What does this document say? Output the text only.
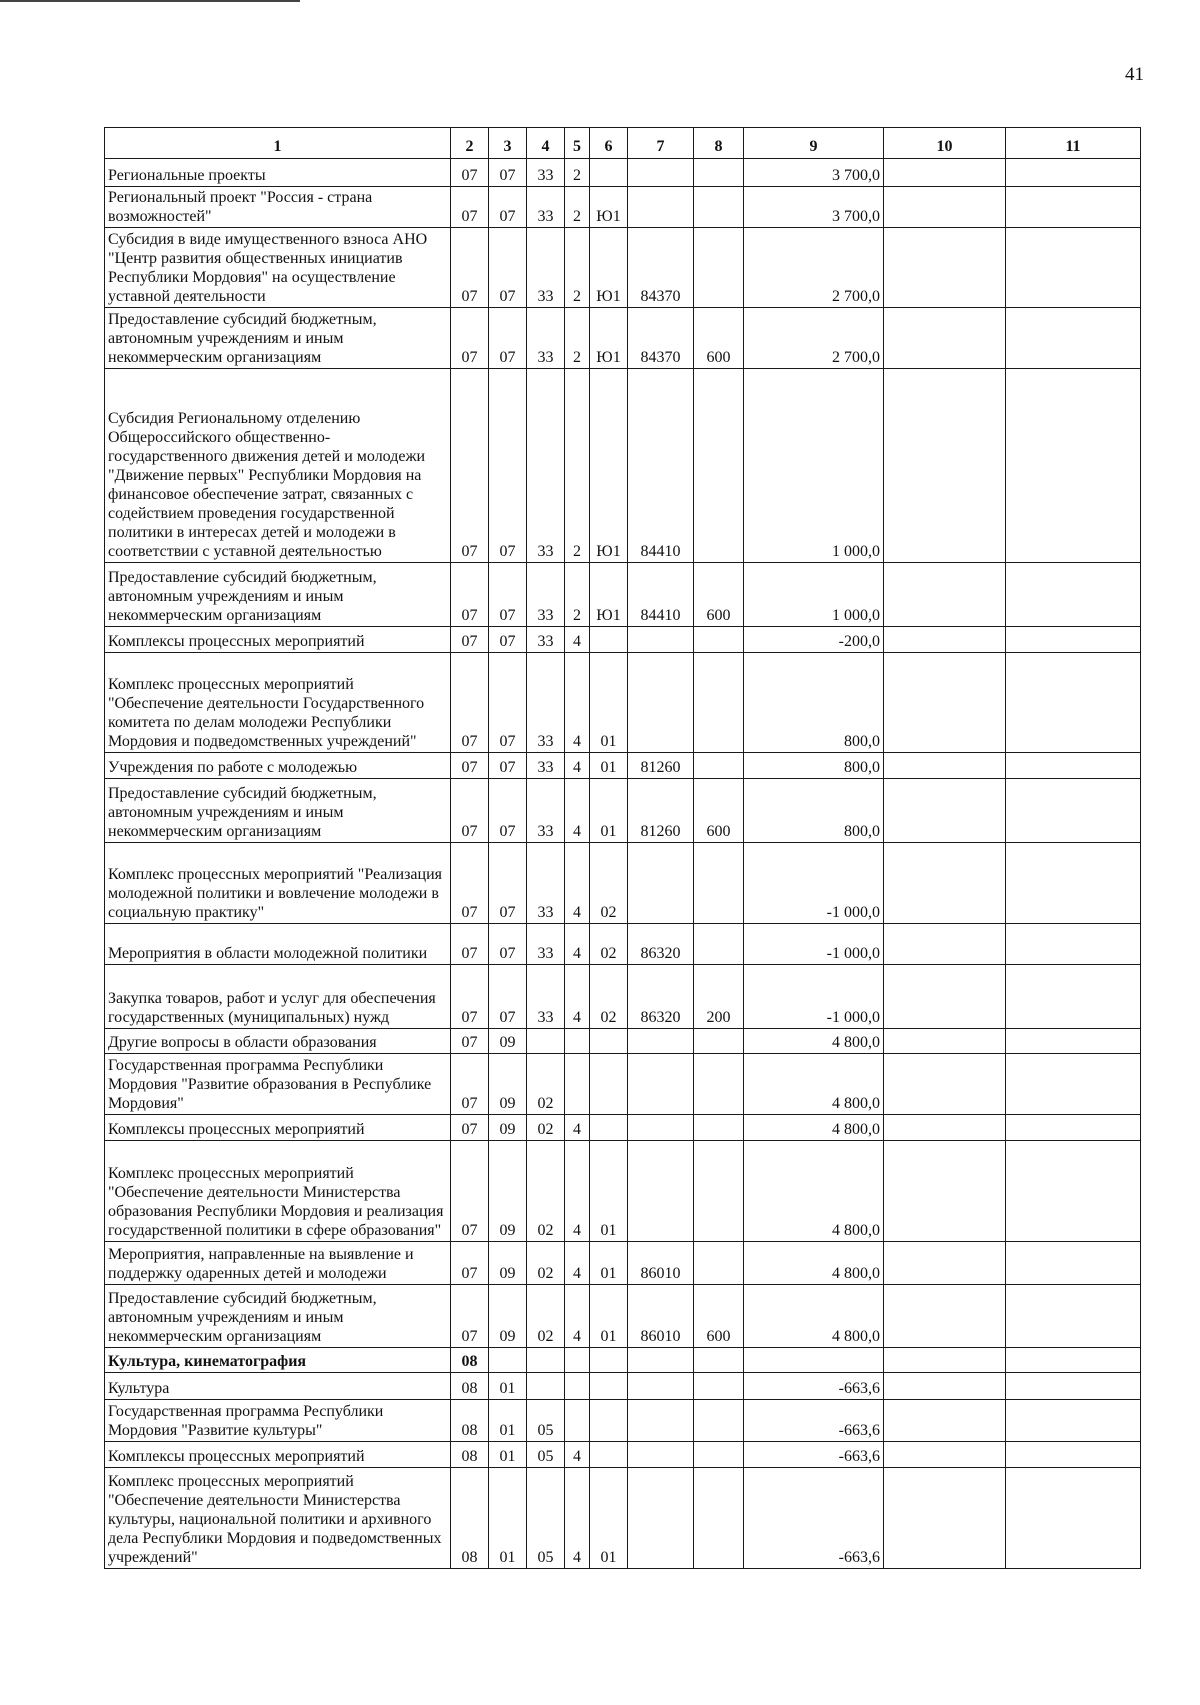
41
1	2	3	4	5	6	7	8	9	10	11
Региональные проекты	07	07	33	2				3 700,0		
Региональный проект "Россия - страна возможностей"	07	07	33	2	Ю1			3 700,0		
Субсидия в виде имущественного взноса АНО "Центр развития общественных инициатив Республики Мордовия" на осуществление уставной деятельности	07	07	33	2	Ю1	84370		2 700,0		
Предоставление субсидий бюджетным, автономным учреждениям и иным некоммерческим организациям	07	07	33	2	Ю1	84370	600	2 700,0		
Субсидия Региональному отделению Общероссийского общественно-государственного движения детей и молодежи "Движение первых" Республики Мордовия на финансовое обеспечение затрат, связанных с содействием проведения государственной политики в интересах детей и молодежи в соответствии с уставной деятельностью	07	07	33	2	Ю1	84410		1 000,0		
Предоставление субсидий бюджетным, автономным учреждениям и иным некоммерческим организациям	07	07	33	2	Ю1	84410	600	1 000,0		
Комплексы процессных мероприятий	07	07	33	4				-200,0		
Комплекс процессных мероприятий "Обеспечение деятельности Государственного комитета по делам молодежи Республики Мордовия и подведомственных учреждений"	07	07	33	4	01			800,0		
Учреждения по работе с молодежью	07	07	33	4	01	81260		800,0		
Предоставление субсидий бюджетным, автономным учреждениям и иным некоммерческим организациям	07	07	33	4	01	81260	600	800,0		
Комплекс процессных мероприятий "Реализация молодежной политики и вовлечение молодежи в социальную практику"	07	07	33	4	02			-1 000,0		
Мероприятия в области молодежной политики	07	07	33	4	02	86320		-1 000,0		
Закупка товаров, работ и услуг для обеспечения государственных (муниципальных) нужд	07	07	33	4	02	86320	200	-1 000,0		
Другие вопросы в области образования	07	09						4 800,0		
Государственная программа Республики Мордовия "Развитие образования в Республике Мордовия"	07	09	02					4 800,0		
Комплексы процессных мероприятий	07	09	02	4				4 800,0		
Комплекс процессных мероприятий "Обеспечение деятельности Министерства образования Республики Мордовия и реализация государственной политики в сфере образования"	07	09	02	4	01			4 800,0		
Мероприятия, направленные на выявление и поддержку одаренных детей и молодежи	07	09	02	4	01	86010		4 800,0		
Предоставление субсидий бюджетным, автономным учреждениям и иным некоммерческим организациям	07	09	02	4	01	86010	600	4 800,0		
Культура, кинематография	08									
Культура	08	01						-663,6		
Государственная программа Республики Мордовия "Развитие культуры"	08	01	05					-663,6		
Комплексы процессных мероприятий	08	01	05	4				-663,6		
Комплекс процессных мероприятий "Обеспечение деятельности Министерства культуры, национальной политики и архивного дела Республики Мордовия и подведомственных учреждений"	08	01	05	4	01			-663,6		
